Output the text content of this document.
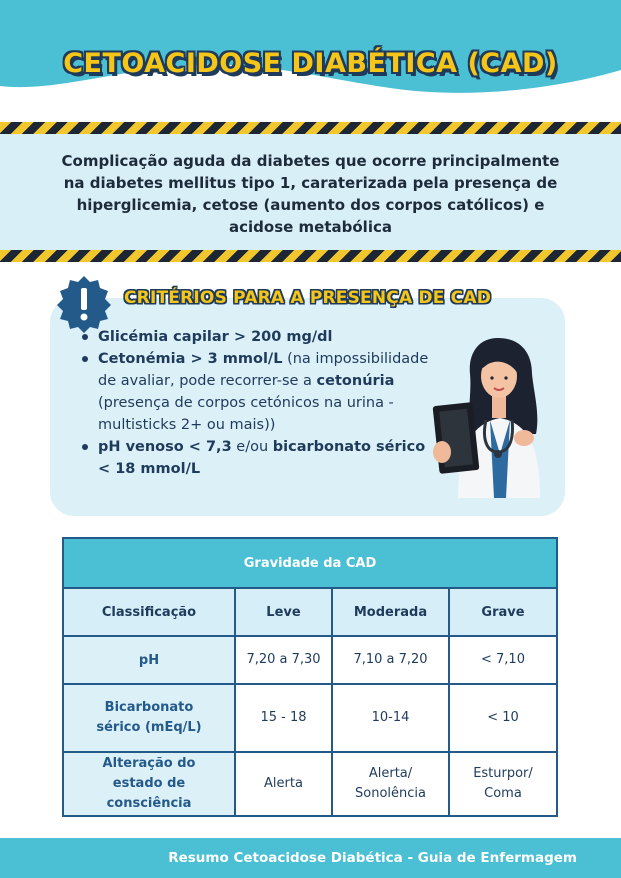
CETOACIDOSE DIABÉTICA (CAD)
Complicação aguda da diabetes que ocorre principalmente na diabetes mellitus tipo 1, caraterizada pela presença de hiperglicemia, cetose (aumento dos corpos católicos) e acidose metabólica
CRITÉRIOS PARA A PRESENÇA DE CAD
Glicémia capilar > 200 mg/dl
Cetonémia > 3 mmol/L (na impossibilidade de avaliar, pode recorrer-se a cetonúria (presença de corpos cetónicos na urina - multisticks 2+ ou mais))
pH venoso < 7,3 e/ou bicarbonato sérico < 18 mmol/L
Gravidade da CAD			
Classificação	Leve	Moderada	Grave
pH	7,20 a 7,30	7,10 a 7,20	< 7,10
Bicarbonato sérico (mEq/L)	15 - 18	10-14	< 10
Alteração do estado de consciência	Alerta	Alerta/ Sonolência	Esturpor/ Coma
Resumo Cetoacidose Diabética - Guia de Enfermagem
